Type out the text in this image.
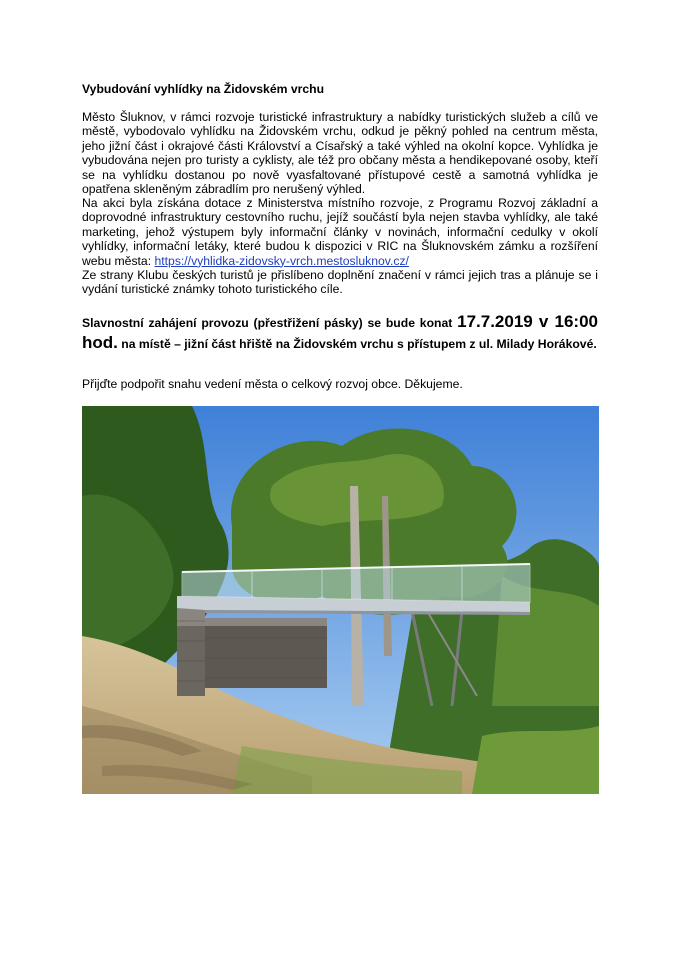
Vybudování vyhlídky na Židovském vrchu
Město Šluknov, v rámci rozvoje turistické infrastruktury a nabídky turistických služeb a cílů ve městě, vybodovalo vyhlídku na Židovském vrchu, odkud je pěkný pohled na centrum města, jeho jižní část i okrajové části Království a Císařský a také výhled na okolní kopce. Vyhlídka je vybudována nejen pro turisty a cyklisty, ale též pro občany města a hendikepované osoby, kteří se na vyhlídku dostanou po nově vyasfaltované přístupové cestě a samotná vyhlídka je opatřena skleněným zábradlím pro nerušený výhled.
Na akci byla získána dotace z Ministerstva místního rozvoje, z Programu Rozvoj základní a doprovodné infrastruktury cestovního ruchu, jejíž součástí byla nejen stavba vyhlídky, ale také marketing, jehož výstupem byly informační články v novinách, informační cedulky v okolí vyhlídky, informační letáky, které budou k dispozici v RIC na Šluknovském zámku a rozšíření webu města: https://vyhlidka-zidovsky-vrch.mestosluknov.cz/
Ze strany Klubu českých turistů je přislíbeno doplnění značení v rámci jejich tras a plánuje se i vydání turistické známky tohoto turistického cíle.
Slavnostní zahájení provozu (přestřižení pásky) se bude konat 17.7.2019 v 16:00 hod. na místě – jižní část hřiště na Židovském vrchu s přístupem z ul. Milady Horákové.
Přijďte podpořit snahu vedení města o celkový rozvoj obce. Děkujeme.
